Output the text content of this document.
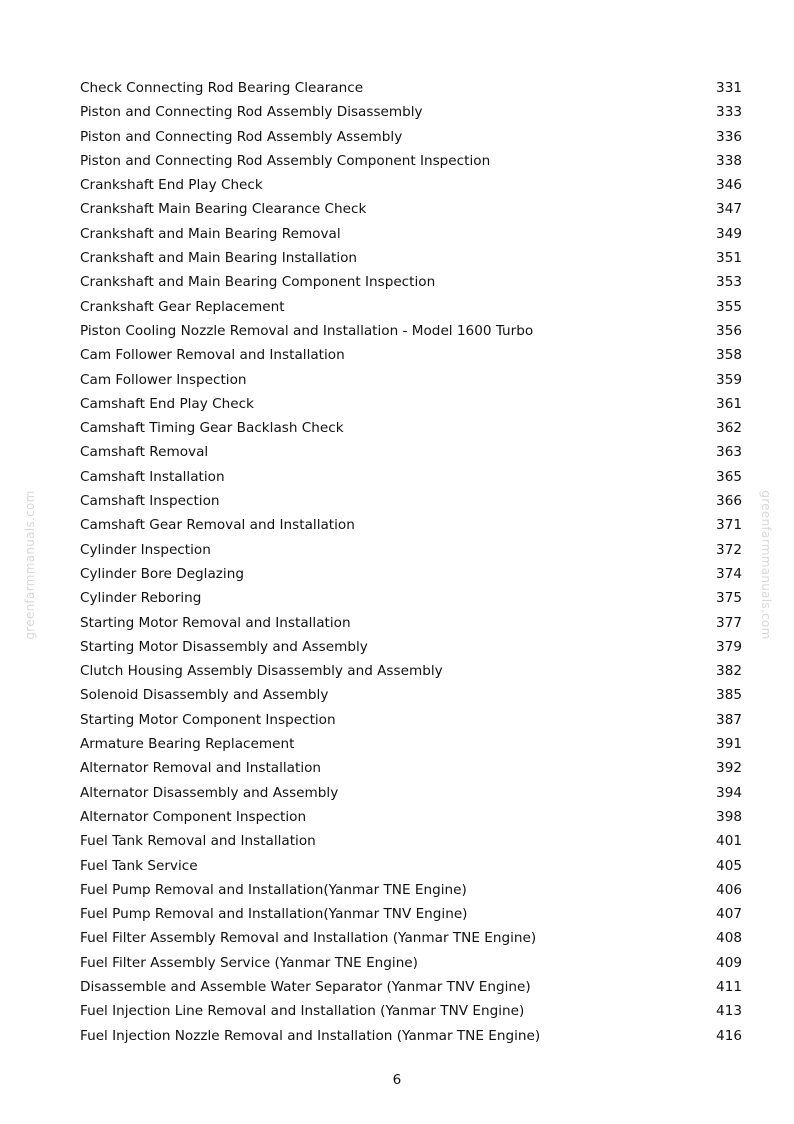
greenfarmmanuals.com	greenfarmmanuals.com
Check Connecting Rod Bearing Clearance	331
Piston and Connecting Rod Assembly Disassembly	333
Piston and Connecting Rod Assembly Assembly	336
Piston and Connecting Rod Assembly Component Inspection	338
Crankshaft End Play Check	346
Crankshaft Main Bearing Clearance Check	347
Crankshaft and Main Bearing Removal	349
Crankshaft and Main Bearing Installation	351
Crankshaft and Main Bearing Component Inspection	353
Crankshaft Gear Replacement	355
Piston Cooling Nozzle Removal and Installation - Model 1600 Turbo	356
Cam Follower Removal and Installation	358
Cam Follower Inspection	359
Camshaft End Play Check	361
Camshaft Timing Gear Backlash Check	362
Camshaft Removal	363
Camshaft Installation	365
Camshaft Inspection	366
Camshaft Gear Removal and Installation	371
Cylinder Inspection	372
Cylinder Bore Deglazing	374
Cylinder Reboring	375
Starting Motor Removal and Installation	377
Starting Motor Disassembly and Assembly	379
Clutch Housing Assembly Disassembly and Assembly	382
Solenoid Disassembly and Assembly	385
Starting Motor Component Inspection	387
Armature Bearing Replacement	391
Alternator Removal and Installation	392
Alternator Disassembly and Assembly	394
Alternator Component Inspection	398
Fuel Tank Removal and Installation	401
Fuel Tank Service	405
Fuel Pump Removal and Installation(Yanmar TNE Engine)	406
Fuel Pump Removal and Installation(Yanmar TNV Engine)	407
Fuel Filter Assembly Removal and Installation (Yanmar TNE Engine)	408
Fuel Filter Assembly Service (Yanmar TNE Engine)	409
Disassemble and Assemble Water Separator (Yanmar TNV Engine)	411
Fuel Injection Line Removal and Installation (Yanmar TNV Engine)	413
Fuel Injection Nozzle Removal and Installation (Yanmar TNE Engine)	416
6
